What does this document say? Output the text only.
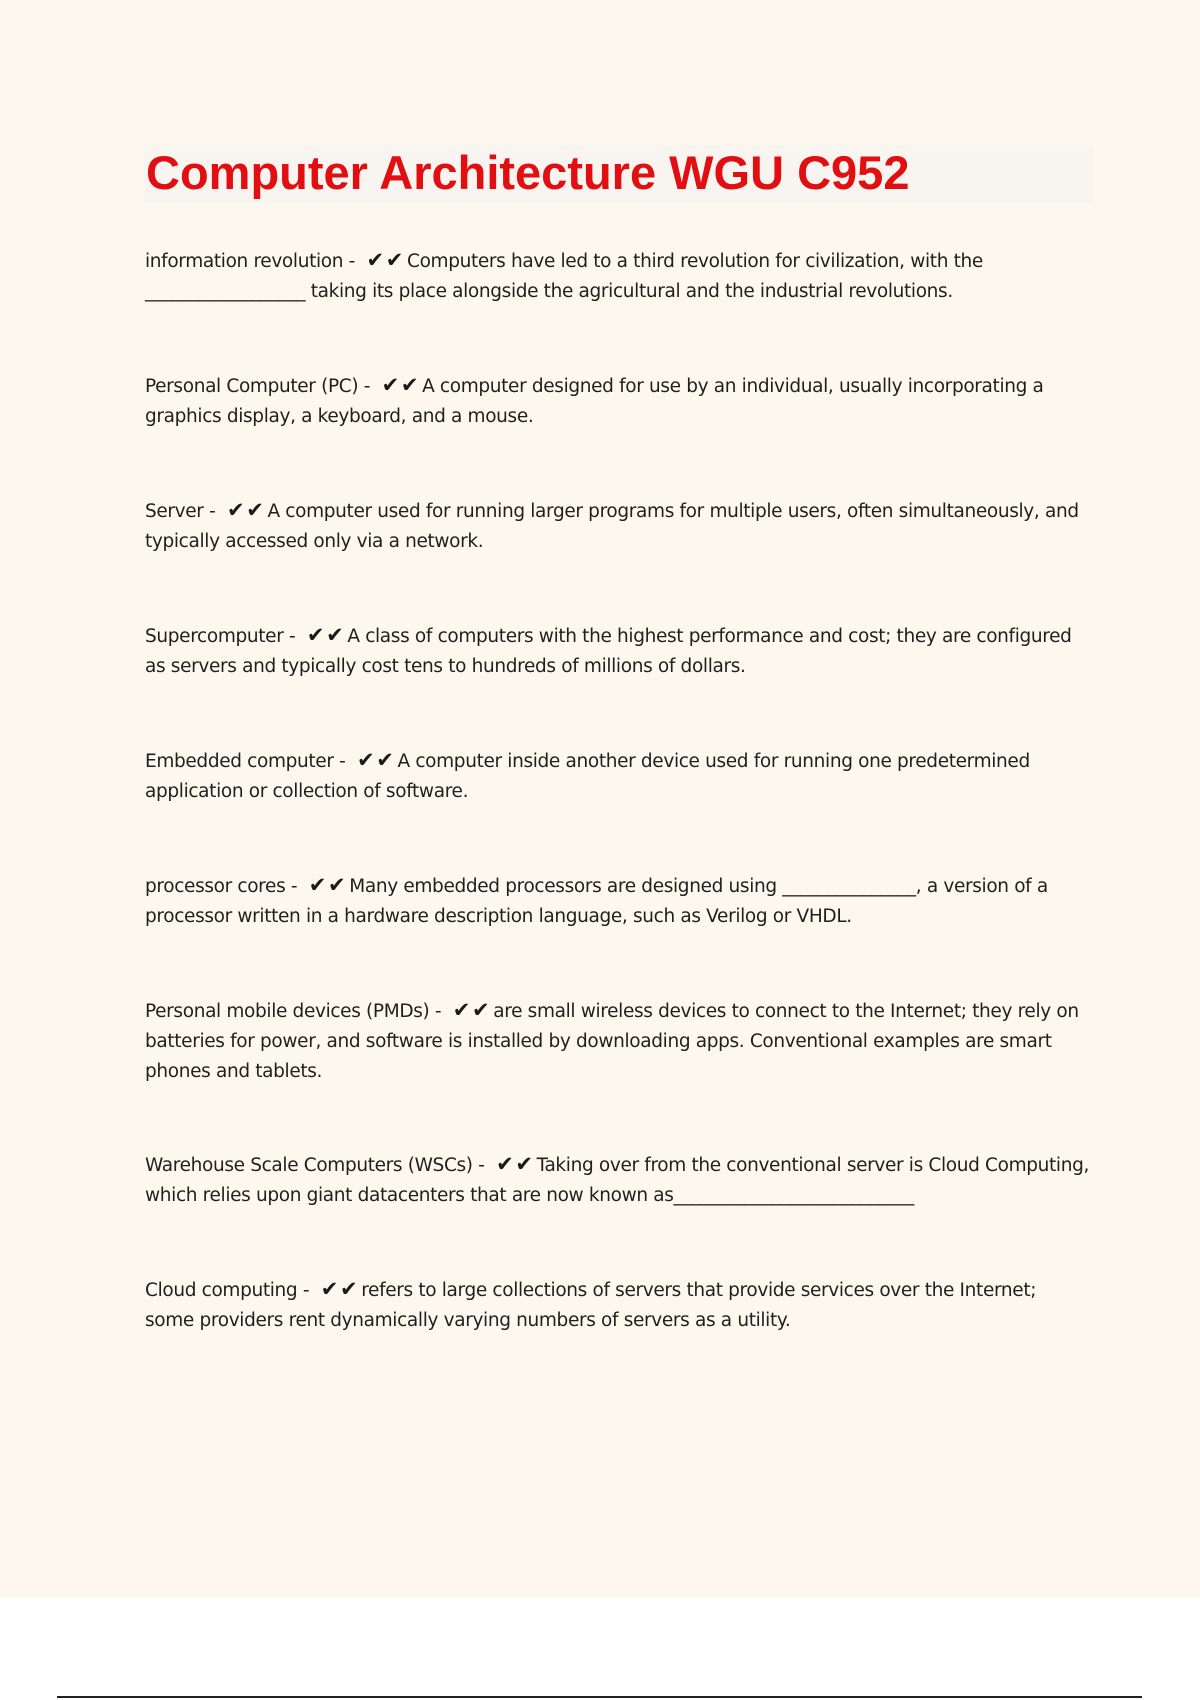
Computer Architecture WGU C952

information revolution - ✔✔ Computers have led to a third revolution for civilization, with the __________________ taking its place alongside the agricultural and the industrial revolutions.

Personal Computer (PC) - ✔✔ A computer designed for use by an individual, usually incorporating a graphics display, a keyboard, and a mouse.

Server - ✔✔ A computer used for running larger programs for multiple users, often simultaneously, and typically accessed only via a network.

Supercomputer - ✔✔ A class of computers with the highest performance and cost; they are configured as servers and typically cost tens to hundreds of millions of dollars.

Embedded computer - ✔✔ A computer inside another device used for running one predetermined application or collection of software.

processor cores - ✔✔ Many embedded processors are designed using _______________, a version of a processor written in a hardware description language, such as Verilog or VHDL.

Personal mobile devices (PMDs) - ✔✔ are small wireless devices to connect to the Internet; they rely on batteries for power, and software is installed by downloading apps. Conventional examples are smart phones and tablets.

Warehouse Scale Computers (WSCs) - ✔✔ Taking over from the conventional server is Cloud Computing, which relies upon giant datacenters that are now known as___________________________

Cloud computing - ✔✔ refers to large collections of servers that provide services over the Internet; some providers rent dynamically varying numbers of servers as a utility.
